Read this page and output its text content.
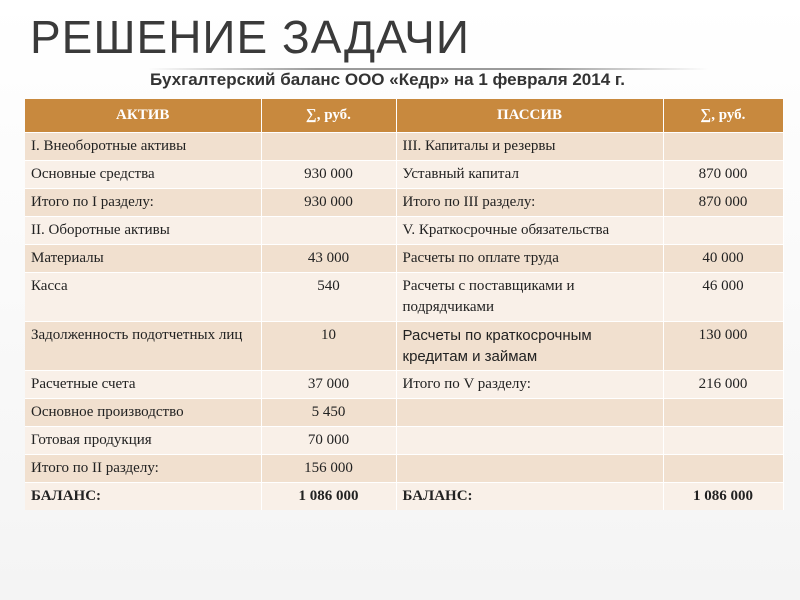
РЕШЕНИЕ ЗАДАЧИ
Бухгалтерский баланс ООО «Кедр» на 1 февраля 2014 г.
АКТИВ	∑, руб.	ПАССИВ	∑, руб.
I. Внеоборотные активы		III. Капиталы и резервы	
Основные средства	930 000	Уставный капитал	870 000
Итого по I разделу:	930 000	Итого по III разделу:	870 000
II. Оборотные активы		V. Краткосрочные обязательства	
Материалы	43 000	Расчеты по оплате труда	40 000
Касса	540	Расчеты с поставщиками и подрядчиками	46 000
Задолженность подотчетных лиц	10	Расчеты по краткосрочным кредитам и займам	130 000
Расчетные счета	37 000	Итого по V разделу:	216 000
Основное производство	5 450		
Готовая продукция	70 000		
Итого по II разделу:	156 000		
БАЛАНС:	1 086 000	БАЛАНС:	1 086 000
